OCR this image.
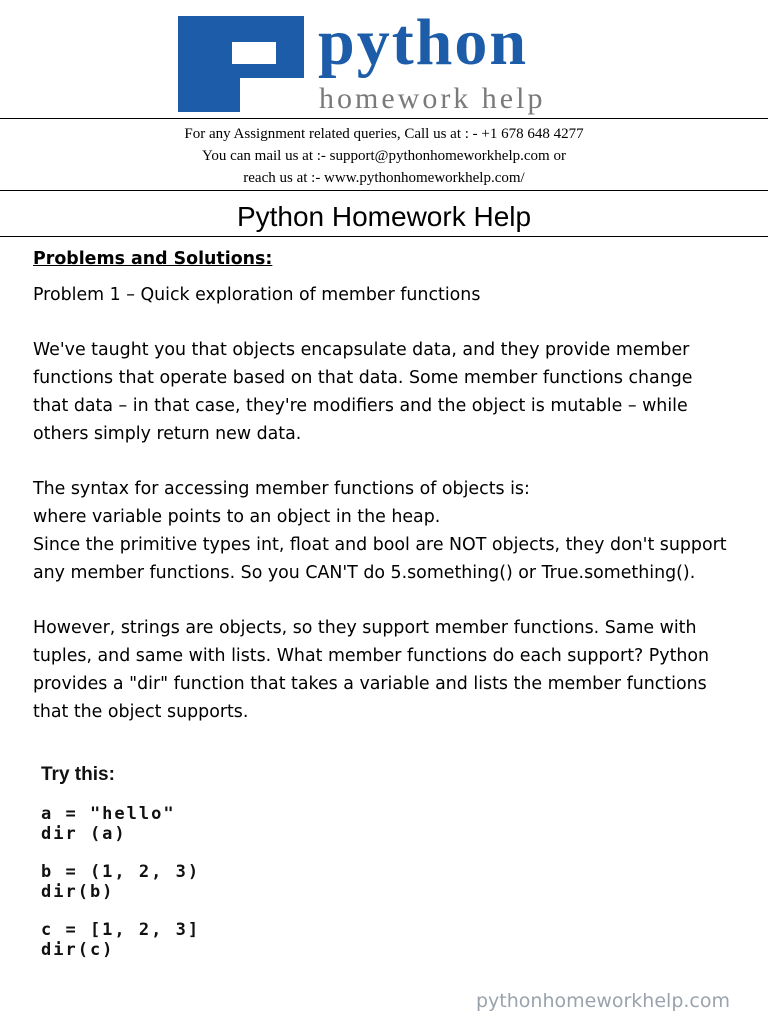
python
homework help
For any Assignment related queries, Call us at : - +1 678 648 4277
You can mail us at :- support@pythonhomeworkhelp.com or
reach us at :- www.pythonhomeworkhelp.com/
Python Homework Help

Problems and Solutions:

Problem 1 – Quick exploration of member functions

We've taught you that objects encapsulate data, and they provide member functions that operate based on that data. Some member functions change that data – in that case, they're modifiers and the object is mutable – while others simply return new data.

The syntax for accessing member functions of objects is:

where variable points to an object in the heap.

Since the primitive types int, float and bool are NOT objects, they don't support any member functions. So you CAN'T do 5.something() or True.something().

However, strings are objects, so they support member functions. Same with tuples, and same with lists. What member functions do each support? Python provides a "dir" function that takes a variable and lists the member functions that the object supports.

Try this:
a = "hello"
dir (a)
b = (1, 2, 3)
dir(b)
c = [1, 2, 3]
dir(c)
pythonhomeworkhelp.com
